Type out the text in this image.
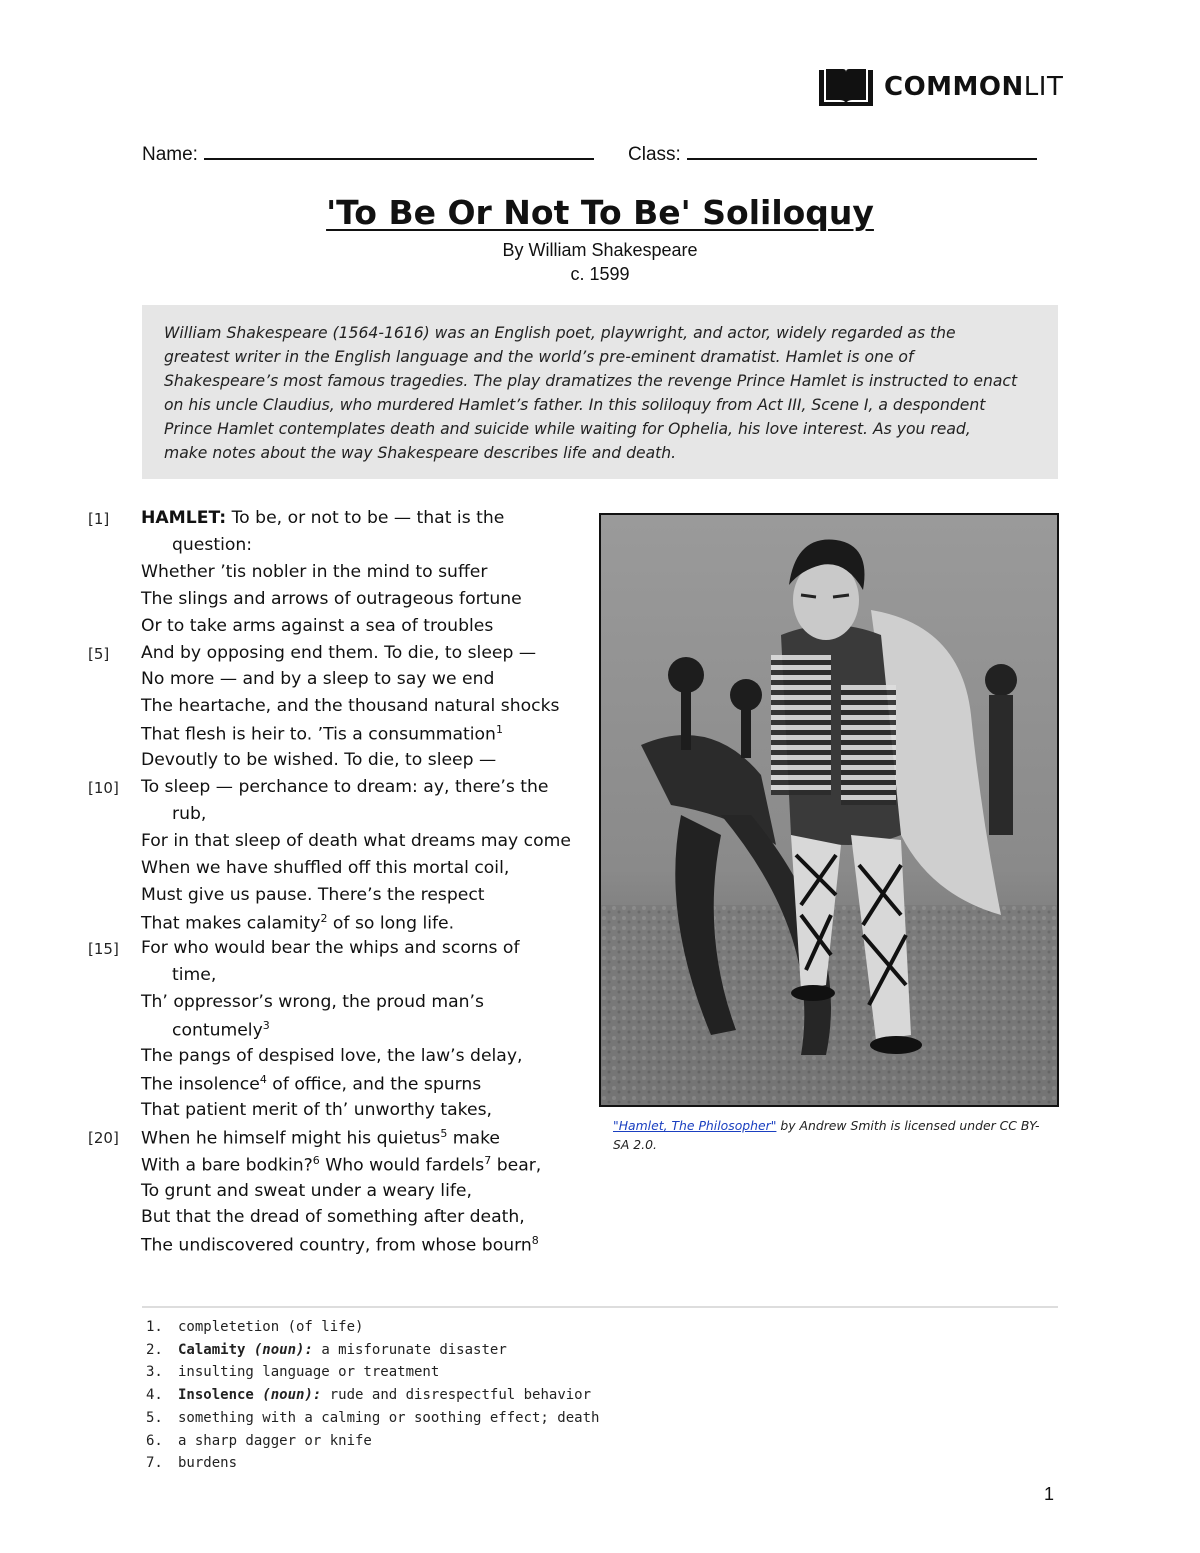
COMMONLIT
Name:	Class:
'To Be Or Not To Be' Soliloquy
By William Shakespeare
c. 1599
William Shakespeare (1564-1616) was an English poet, playwright, and actor, widely regarded as the
greatest writer in the English language and the world’s pre-eminent dramatist. Hamlet is one of
Shakespeare’s most famous tragedies. The play dramatizes the revenge Prince Hamlet is instructed to enact
on his uncle Claudius, who murdered Hamlet’s father. In this soliloquy from Act III, Scene I, a despondent
Prince Hamlet contemplates death and suicide while waiting for Ophelia, his love interest. As you read,
make notes about the way Shakespeare describes life and death.
[1] HAMLET: To be, or not to be — that is the
question:
Whether ’tis nobler in the mind to suffer
The slings and arrows of outrageous fortune
Or to take arms against a sea of troubles
[5] And by opposing end them. To die, to sleep —
No more — and by a sleep to say we end
The heartache, and the thousand natural shocks
That flesh is heir to. ’Tis a consummation$^1$
Devoutly to be wished. To die, to sleep —
[10] To sleep — perchance to dream: ay, there’s the
rub,
For in that sleep of death what dreams may come
When we have shuffled off this mortal coil,
Must give us pause. There’s the respect
That makes calamity$^2$ of so long life.
[15] For who would bear the whips and scorns of
time,
Th’ oppressor’s wrong, the proud man’s
contumely$^3$
The pangs of despised love, the law’s delay,
The insolence$^4$ of office, and the spurns
That patient merit of th’ unworthy takes,
[20] When he himself might his quietus$^5$ make
With a bare bodkin?$^6$ Who would fardels$^7$ bear,
To grunt and sweat under a weary life,
But that the dread of something after death,
The undiscovered country, from whose bourn$^8$
"Hamlet, The Philosopher" by Andrew Smith is licensed under CC BY-SA 2.0.
1. completetion (of life)
2. Calamity (noun): a misforunate disaster
3. insulting language or treatment
4. Insolence (noun): rude and disrespectful behavior
5. something with a calming or soothing effect; death
6. a sharp dagger or knife
7. burdens
1
